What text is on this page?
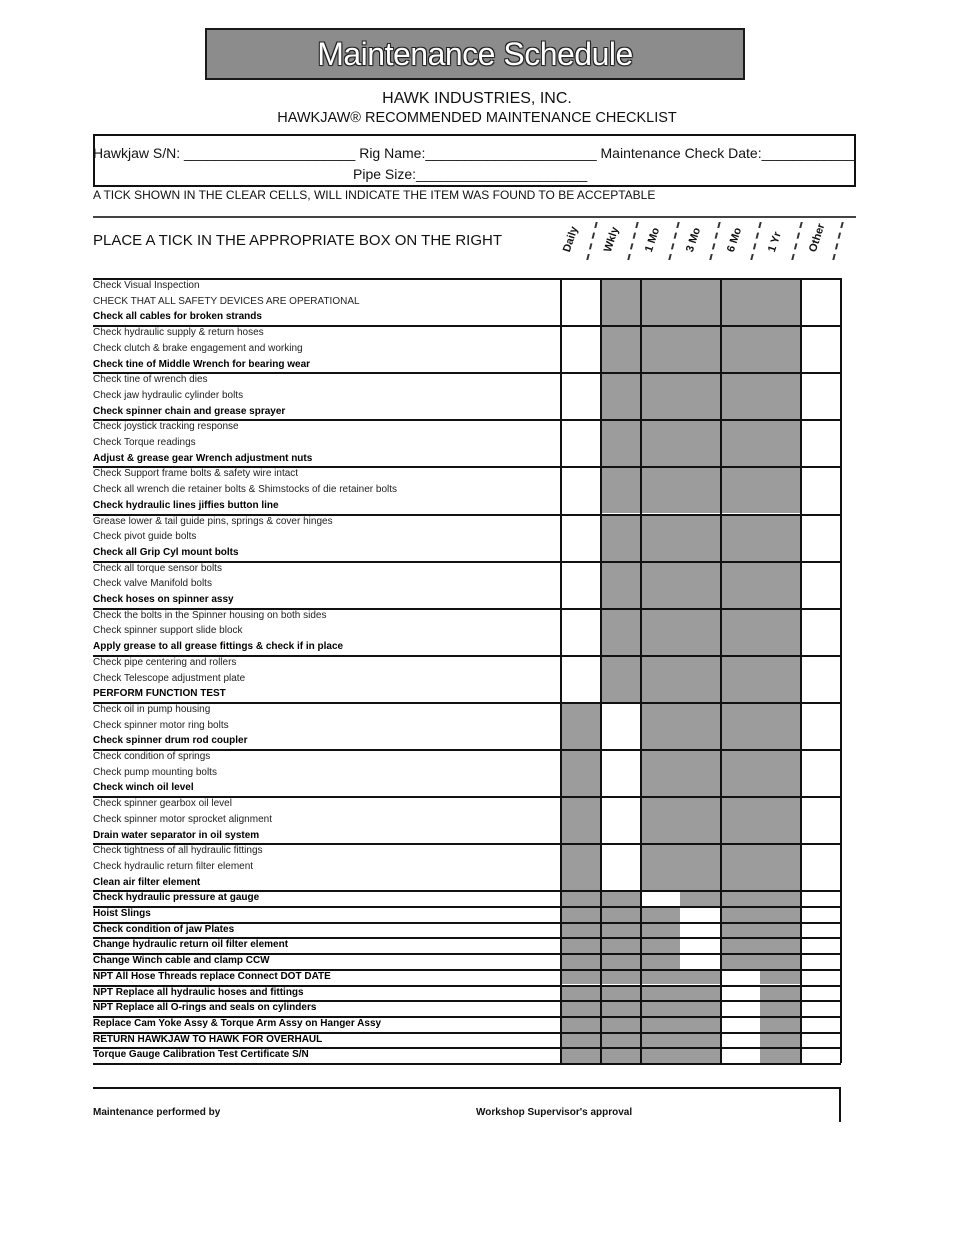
Maintenance Schedule
HAWK INDUSTRIES, INC.
HAWKJAW® RECOMMENDED MAINTENANCE CHECKLIST
Hawkjaw S/N: ______________________ Rig Name:______________________ Maintenance Check Date:____________
Pipe Size:______________________
A TICK SHOWN IN THE CLEAR CELLS, WILL INDICATE THE ITEM WAS FOUND TO BE ACCEPTABLE
PLACE A TICK IN THE APPROPRIATE BOX ON THE RIGHT	Daily Wkly 1 Mo 3 Mo 6 Mo 1 Yr Other
Check Visual Inspection
CHECK THAT ALL SAFETY DEVICES ARE OPERATIONAL
Check all cables for broken strands
Check hydraulic supply & return hoses
Check clutch & brake engagement and working
Check tine of Middle Wrench for bearing wear
Check tine of wrench dies
Check jaw hydraulic cylinder bolts
Check spinner chain and grease sprayer
Check joystick tracking response
Check Torque readings
Adjust & grease gear Wrench adjustment nuts
Check Support frame bolts & safety wire intact
Check all wrench die retainer bolts & Shimstocks of die retainer bolts
Check hydraulic lines jiffies button line
Grease lower & tail guide pins, springs & cover hinges
Check pivot guide bolts
Check all Grip Cyl mount bolts
Check all torque sensor bolts
Check valve Manifold bolts
Check hoses on spinner assy
Check the bolts in the Spinner housing on both sides
Check spinner support slide block
Apply grease to all grease fittings & check if in place
Check pipe centering and rollers
Check Telescope adjustment plate
PERFORM FUNCTION TEST
Check oil in pump housing
Check spinner motor ring bolts
Check spinner drum rod coupler
Check condition of springs
Check pump mounting bolts
Check winch oil level
Check spinner gearbox oil level
Check spinner motor sprocket alignment
Drain water separator in oil system
Check tightness of all hydraulic fittings
Check hydraulic return filter element
Clean air filter element
Check hydraulic pressure at gauge
Hoist Slings
Check condition of jaw Plates
Change hydraulic return oil filter element
Change Winch cable and clamp CCW
NPT All Hose Threads replace Connect DOT DATE
NPT Replace all hydraulic hoses and fittings
NPT Replace all O-rings and seals on cylinders
Replace Cam Yoke Assy & Torque Arm Assy on Hanger Assy
RETURN HAWKJAW TO HAWK FOR OVERHAUL
Torque Gauge Calibration Test Certificate S/N
Maintenance performed by	Workshop Supervisor's approval
